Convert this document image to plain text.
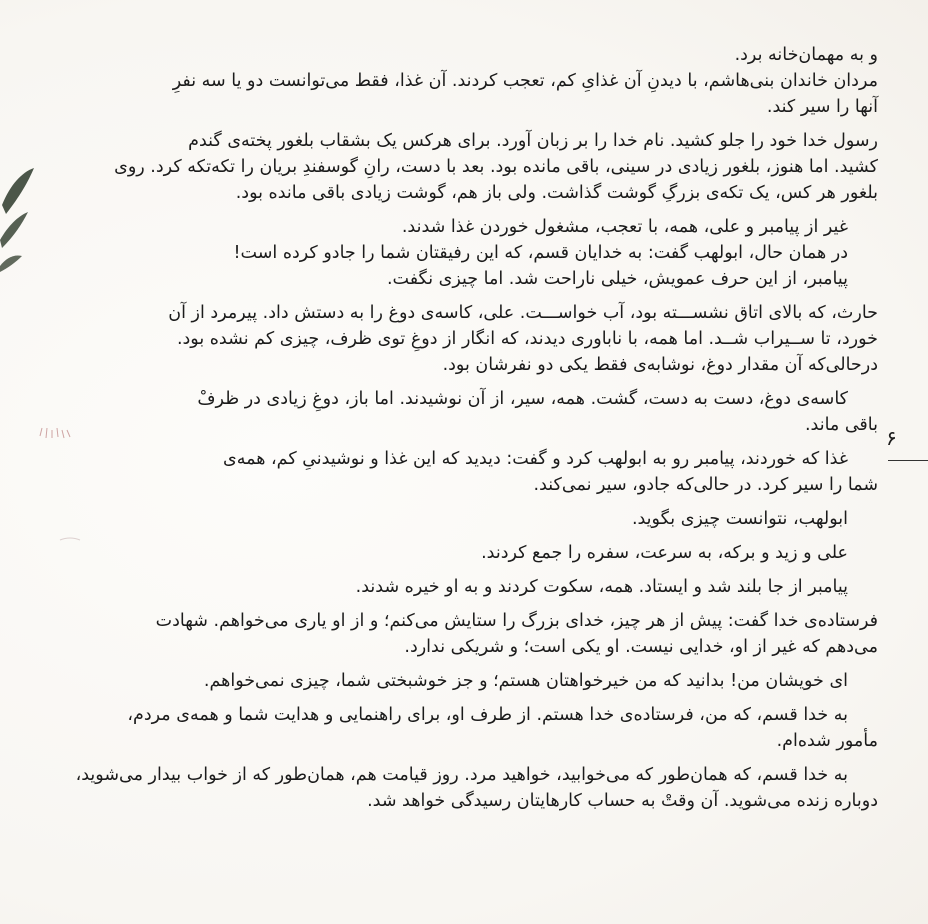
و به مهمان‌خانه برد.
مردان خاندان بنی‌هاشم، با دیدنِ آن غذایِ کم، تعجب کردند. آن غذا، فقط می‌توانست دو یا سه نفرِ
آنها را سیر کند.
رسول خدا خود را جلو کشید. نام خدا را بر زبان آورد. برای هرکس یک بشقاب بلغور پخته‌ی گندم
کشید. اما هنوز، بلغور زیادی در سینی، باقی مانده بود. بعد با دست، رانِ گوسفندِ بریان را تکه‌تکه کرد. روی
بلغور هر کس، یک تکه‌ی بزرگِ گوشت گذاشت. ولی باز هم، گوشت زیادی باقی مانده بود.
غیر از پیامبر و علی، همه، با تعجب، مشغول خوردن غذا شدند.
در همان حال، ابولهب گفت: به خدایان قسم، که این رفیقتان شما را جادو کرده است!
پیامبر، از این حرف عمویش، خیلی ناراحت شد. اما چیزی نگفت.
حارث، که بالای اتاق نشســـته بود، آب خواســـت. علی، کاسه‌ی دوغ را به دستش داد. پیرمرد از آن
خورد، تا ســیراب شــد. اما همه، با ناباوری دیدند، که انگار از دوغِ توی ظرف، چیزی کم نشده بود.
درحالی‌که آن مقدار دوغ، نوشابه‌ی فقط یکی دو نفرشان بود.
کاسه‌ی دوغ، دست به دست، گشت. همه، سیر، از آن نوشیدند. اما باز، دوغِ زیادی در ظرفْ
باقی ماند.
غذا که خوردند، پیامبر رو به ابولهب کرد و گفت: دیدید که این غذا و نوشیدنیِ کم، همه‌ی
شما را سیر کرد. در حالی‌که جادو، سیر نمی‌کند.
ابولهب، نتوانست چیزی بگوید.
علی و زید و برکه، به سرعت، سفره را جمع کردند.
پیامبر از جا بلند شد و ایستاد. همه، سکوت کردند و به او خیره شدند.
فرستاده‌ی خدا گفت: پیش از هر چیز، خدای بزرگ را ستایش می‌کنم؛ و از او یاری می‌خواهم. شهادت
می‌دهم که غیر از او، خدایی نیست. او یکی است؛ و شریکی ندارد.
ای خویشان من! بدانید که من خیرخواهتان هستم؛ و جز خوشبختی شما، چیزی نمی‌خواهم.
به خدا قسم، که من، فرستاده‌ی خدا هستم. از طرف او، برای راهنمایی و هدایت شما و همه‌ی مردم،
مأمور شده‌ام.
به خدا قسم، که همان‌طور که می‌خوابید، خواهید مرد. روز قیامت هم، همان‌طور که از خواب بیدار می‌شوید،
دوباره زنده می‌شوید. آن وقتْ به حساب کارهایتان رسیدگی خواهد شد.
۶
